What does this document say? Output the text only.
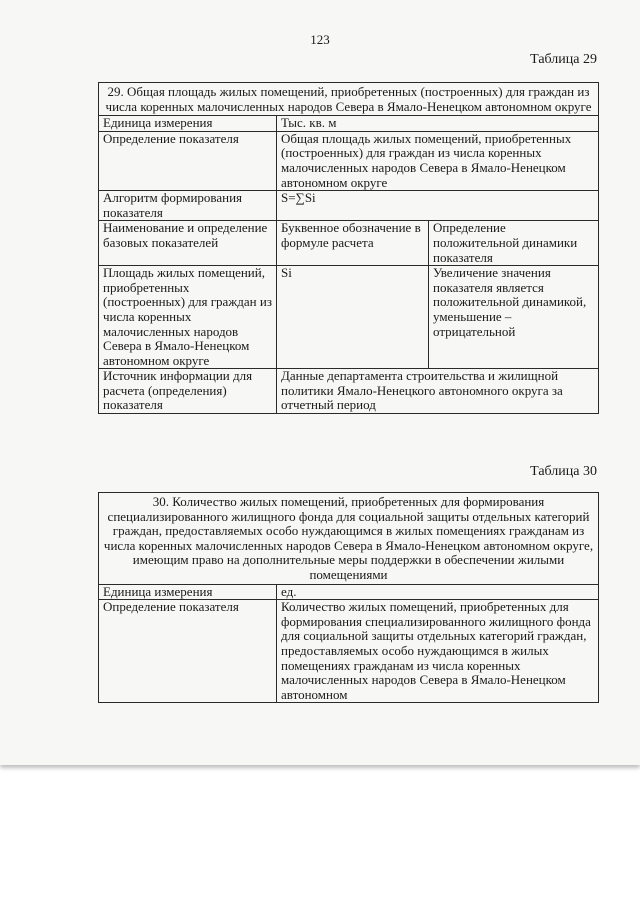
123
Таблица 29
29. Общая площадь жилых помещений, приобретенных (построенных) для граждан из числа коренных малочисленных народов Севера в Ямало-Ненецком автономном округе		
Единица измерения	Тыс. кв. м	
Определение показателя	Общая площадь жилых помещений, приобретенных (построенных) для граждан из числа коренных малочисленных народов Севера в Ямало-Ненецком автономном округе	
Алгоритм формирования показателя	S=∑Si	
Наименование и определение базовых показателей	Буквенное обозначение в формуле расчета	Определение положительной динамики показателя
Площадь жилых помещений, приобретенных (построенных) для граждан из числа коренных малочисленных народов Севера в Ямало-Ненецком автономном округе	Si	Увеличение значения показателя является положительной динамикой, уменьшение – отрицательной
Источник информации для расчета (определения) показателя	Данные департамента строительства и жилищной политики Ямало-Ненецкого автономного округа за отчетный период	
Таблица 30
30. Количество жилых помещений, приобретенных для формирования специализированного жилищного фонда для социальной защиты отдельных категорий граждан, предоставляемых особо нуждающимся в жилых помещениях гражданам из числа коренных малочисленных народов Севера в Ямало-Ненецком автономном округе, имеющим право на дополнительные меры поддержки в обеспечении жилыми помещениями	
Единица измерения	ед.
Определение показателя	Количество жилых помещений, приобретенных для формирования специализированного жилищного фонда для социальной защиты отдельных категорий граждан, предоставляемых особо нуждающимся в жилых помещениях гражданам из числа коренных малочисленных народов Севера в Ямало-Ненецком автономном
